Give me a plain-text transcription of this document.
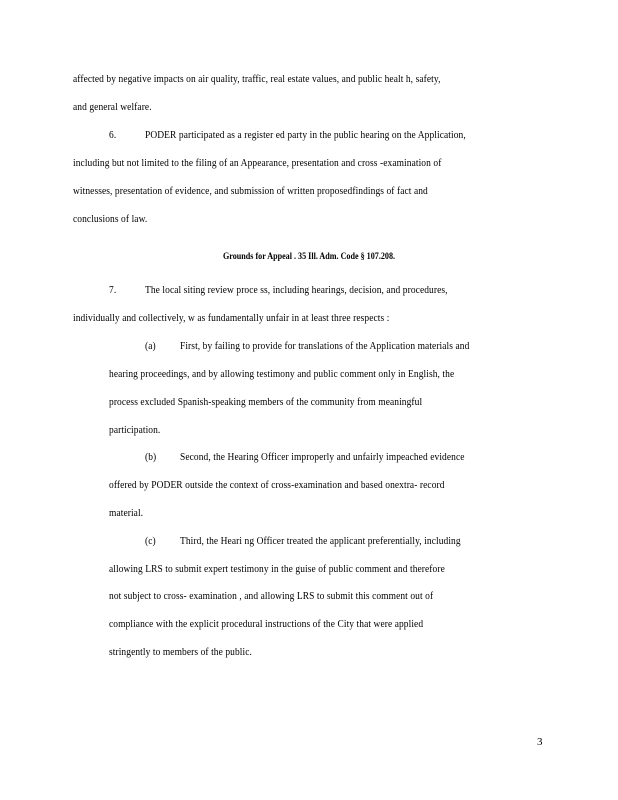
affected by negative impacts on air quality, traffic, real estate values, and public healt h, safety,
and general welfare.
6.	PODER participated as a register ed party in the public hearing on the Application,
including but not limited to the filing of an Appearance, presentation and cross -examination of
witnesses, presentation of evidence, and submission of written proposedfindings of fact and
conclusions of law.
Grounds for Appeal . 35 Ill. Adm. Code § 107.208.
7.	The local siting review proce ss, including hearings, decision, and procedures,
individually and collectively, w as fundamentally unfair in at least three respects :
(a) First, by failing to provide for translations of the Application materials and
hearing proceedings, and by allowing testimony and public comment only in English, the
process excluded Spanish-speaking members of the community from meaningful
participation.
(b) Second, the Hearing Officer improperly and unfairly impeached evidence
offered by PODER outside the context of cross-examination and based onextra- record
material.
(c) Third, the Heari ng Officer treated the applicant preferentially, including
allowing LRS to submit expert testimony in the guise of public comment and therefore
not subject to cross- examination , and allowing LRS to submit this comment out of
compliance with the explicit procedural instructions of the City that were applied
stringently to members of the public.
3
